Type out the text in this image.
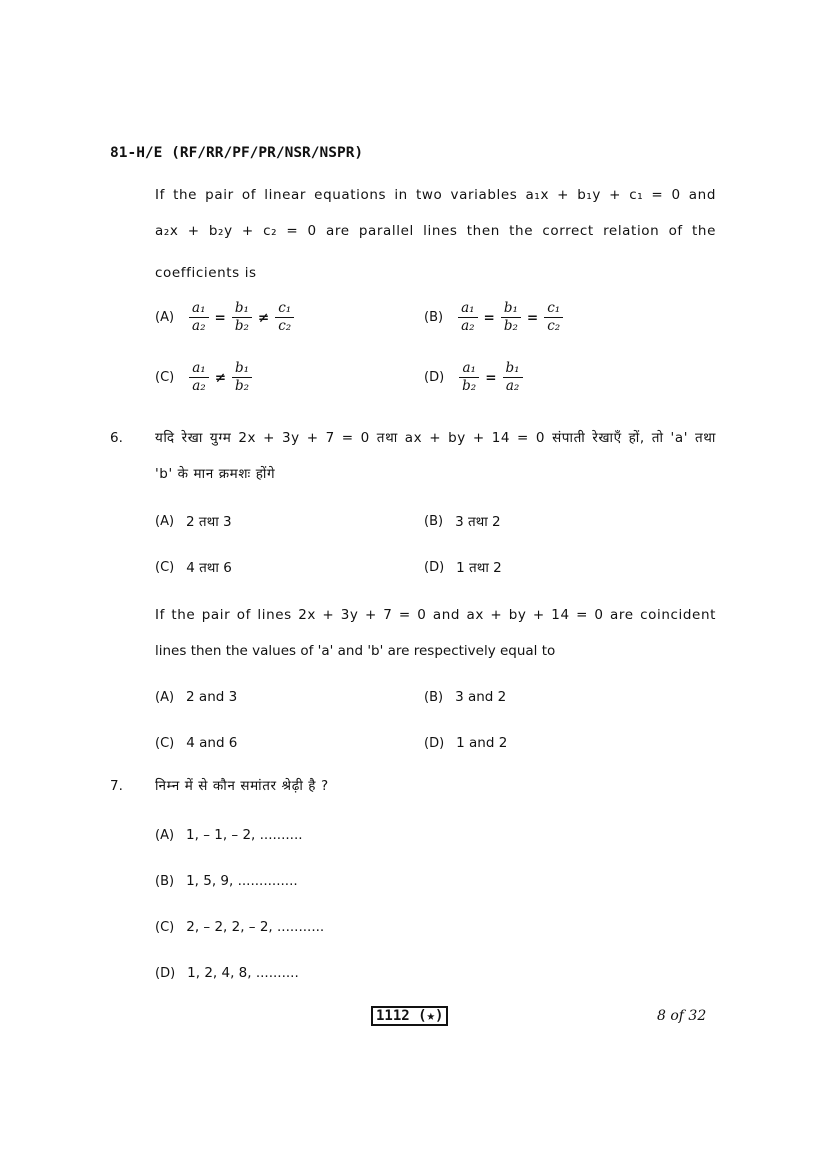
81-H/E (RF/RR/PF/PR/NSR/NSPR)
If the pair of linear equations in two variables a₁x + b₁y + c₁ = 0 and
a₂x + b₂y + c₂ = 0 are parallel lines then the correct relation of the
coefficients is
$(A) \frac{\text{a₁}}{\text{a₂}} = \frac{\text{b₁}}{\text{b₂}} \ne \frac{\text{c₁}}{\text{c₂}}$	$(B) \frac{\text{a₁}}{\text{a₂}} = \frac{\text{b₁}}{\text{b₂}} = \frac{\text{c₁}}{\text{c₂}}$
$(C) \frac{\text{a₁}}{\text{a₂}} \ne \frac{\text{b₁}}{\text{b₂}}$	$(D) \frac{\text{a₁}}{\text{b₂}} = \frac{\text{b₁}}{\text{a₂}}$
6. यदि रेखा युग्म 2x + 3y + 7 = 0 तथा ax + by + 14 = 0 संपाती रेखाएँ हों, तो 'a' तथा
'b' के मान क्रमशः होंगे
(A) 2 तथा 3	(B) 3 तथा 2
(C) 4 तथा 6	(D) 1 तथा 2
If the pair of lines 2x + 3y + 7 = 0 and ax + by + 14 = 0 are coincident
lines then the values of 'a' and 'b' are respectively equal to
(A) 2 and 3	(B) 3 and 2
(C) 4 and 6	(D) 1 and 2
7. निम्न में से कौन समांतर श्रेढ़ी है ?
(A) 1, – 1, – 2, ..........
(B) 1, 5, 9, ..............
(C) 2, – 2, 2, – 2, ...........
(D) 1, 2, 4, 8, ..........
1112 (★)	8 of 32
